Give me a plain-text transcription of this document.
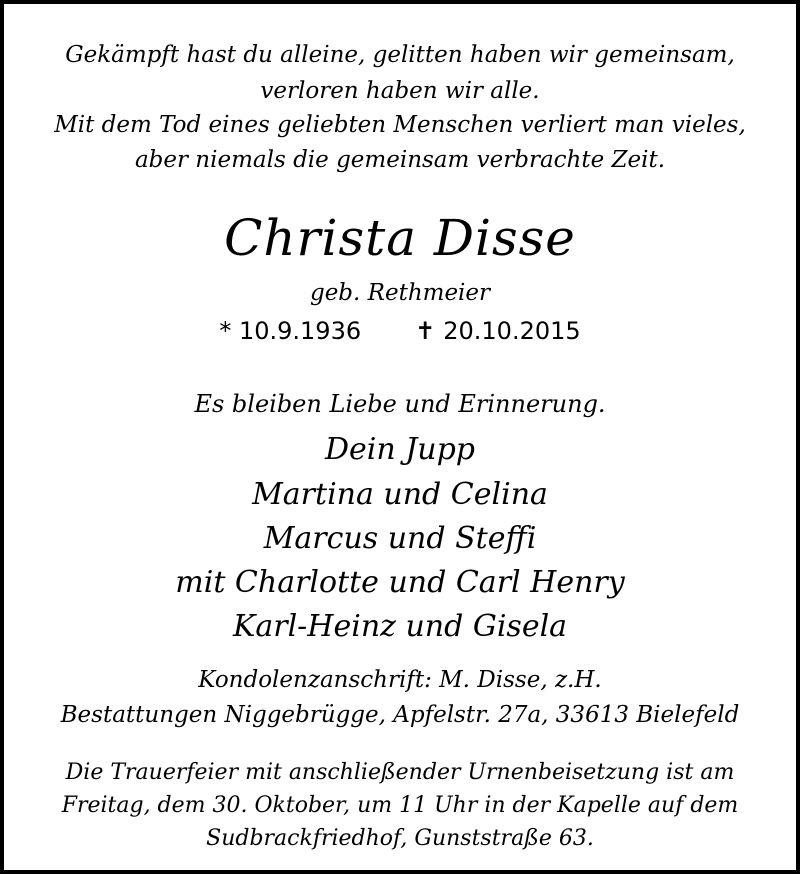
Gekämpft hast du alleine, gelitten haben wir gemeinsam,
verloren haben wir alle.
Mit dem Tod eines geliebten Menschen verliert man vieles,
aber niemals die gemeinsam verbrachte Zeit.
Christa Disse
geb. Rethmeier
* 10.9.1936 ✝ 20.10.2015
Es bleiben Liebe und Erinnerung.
Dein Jupp
Martina und Celina
Marcus und Steffi
mit Charlotte und Carl Henry
Karl-Heinz und Gisela
Kondolenzanschrift: M. Disse, z.H.
Bestattungen Niggebrügge, Apfelstr. 27a, 33613 Bielefeld
Die Trauerfeier mit anschließender Urnenbeisetzung ist am
Freitag, dem 30. Oktober, um 11 Uhr in der Kapelle auf dem
Sudbrackfriedhof, Gunststraße 63.
